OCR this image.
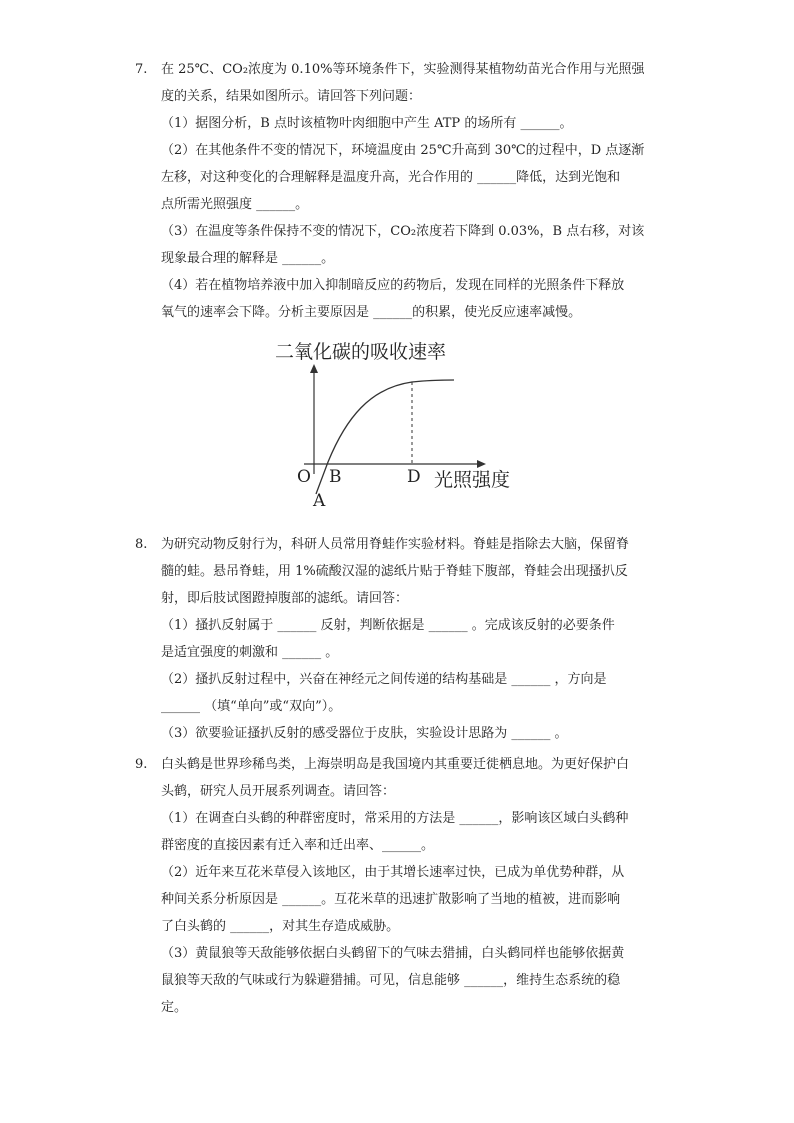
7.	在 25℃、CO₂浓度为 0.10%等环境条件下，实验测得某植物幼苗光合作用与光照强
度的关系，结果如图所示。请回答下列问题：
（1）据图分析，B 点时该植物叶肉细胞中产生 ATP 的场所有 ______。
（2）在其他条件不变的情况下，环境温度由 25℃升高到 30℃的过程中，D 点逐渐
左移，对这种变化的合理解释是温度升高，光合作用的 ______降低，达到光饱和
点所需光照强度 ______。
（3）在温度等条件保持不变的情况下，CO₂浓度若下降到 0.03%，B 点右移，对该
现象最合理的解释是 ______。
（4）若在植物培养液中加入抑制暗反应的药物后，发现在同样的光照条件下释放
氧气的速率会下降。分析主要原因是 ______的积累，使光反应速率减慢。
二氧化碳的吸收速率
O B	D
A
光照强度
8.	为研究动物反射行为，科研人员常用脊蛙作实验材料。脊蛙是指除去大脑，保留脊
髓的蛙。悬吊脊蛙，用 1%硫酸汉湿的滤纸片贴于脊蛙下腹部，脊蛙会出现搔扒反
射，即后肢试图蹬掉腹部的滤纸。请回答：
（1）搔扒反射属于 ______ 反射，判断依据是 ______ 。完成该反射的必要条件
是适宜强度的刺激和 ______ 。
（2）搔扒反射过程中，兴奋在神经元之间传递的结构基础是 ______ ，方向是
______ （填“单向”或“双向”）。
（3）欲要验证搔扒反射的感受器位于皮肤，实验设计思路为 ______ 。
9.	白头鹤是世界珍稀鸟类，上海崇明岛是我国境内其重要迁徙栖息地。为更好保护白
头鹤，研究人员开展系列调查。请回答：
（1）在调查白头鹤的种群密度时，常采用的方法是 ______，影响该区域白头鹤种
群密度的直接因素有迁入率和迁出率、______。
（2）近年来互花米草侵入该地区，由于其增长速率过快，已成为单优势种群，从
种间关系分析原因是 ______。互花米草的迅速扩散影响了当地的植被，进而影响
了白头鹤的 ______，对其生存造成威胁。
（3）黄鼠狼等天敌能够依据白头鹤留下的气味去猎捕，白头鹤同样也能够依据黄
鼠狼等天敌的气味或行为躲避猎捕。可见，信息能够 ______，维持生态系统的稳
定。
